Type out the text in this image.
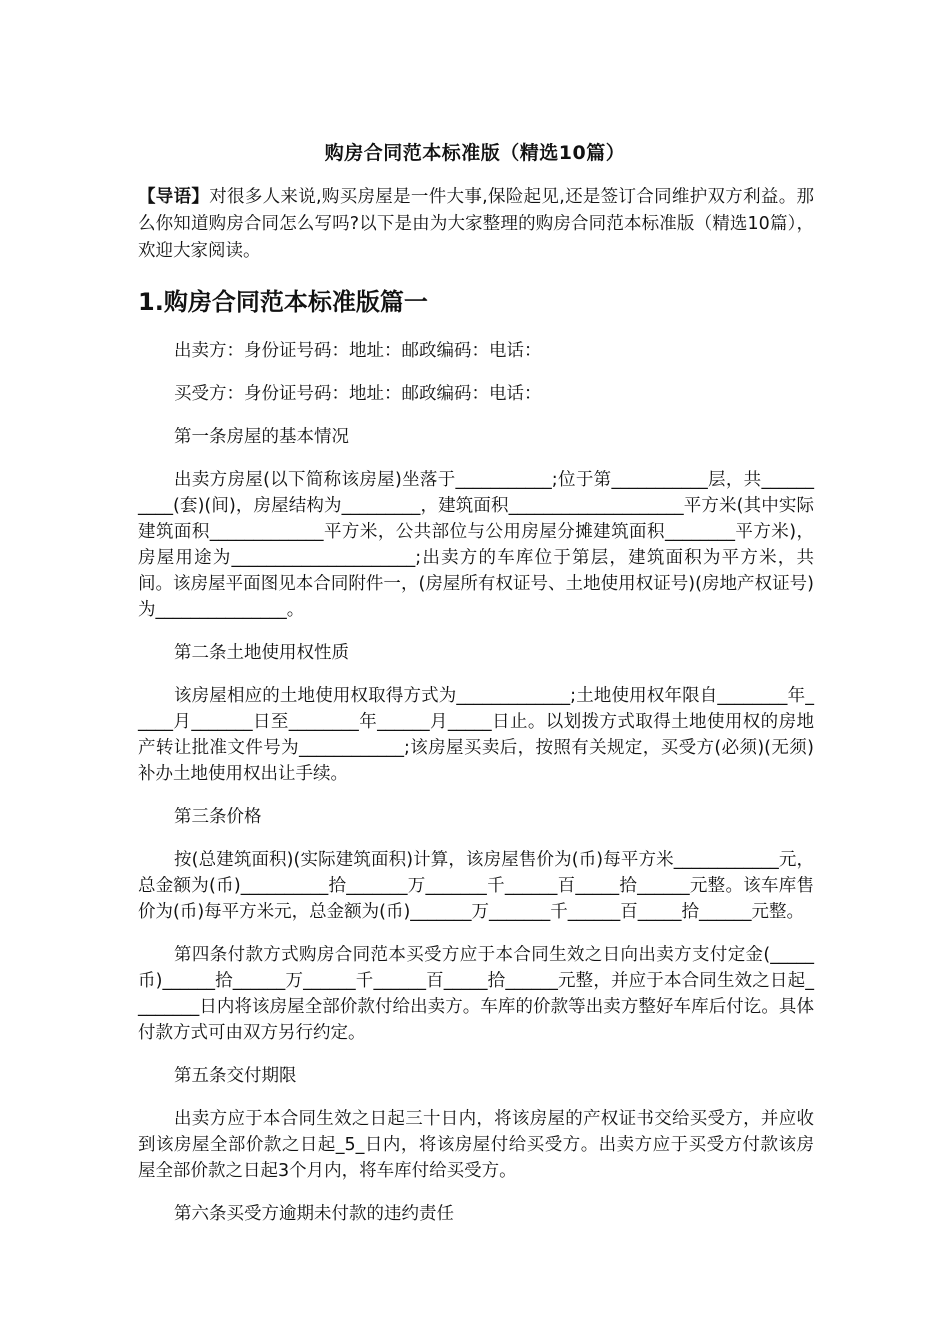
购房合同范本标准版（精选10篇）
【导语】对很多人来说,购买房屋是一件大事,保险起见,还是签订合同维护双方利益。那么你知道购房合同怎么写吗?以下是由为大家整理的购房合同范本标准版（精选10篇），欢迎大家阅读。
1.购房合同范本标准版篇一

出卖方：身份证号码：地址：邮政编码：电话：

买受方：身份证号码：地址：邮政编码：电话：

第一条房屋的基本情况

出卖方房屋(以下简称该房屋)坐落于___________;位于第___________层，共__________(套)(间)，房屋结构为_________，建筑面积____________________平方米(其中实际建筑面积_____________平方米，公共部位与公用房屋分摊建筑面积________平方米)，房屋用途为_____________________;出卖方的车库位于第层，建筑面积为平方米，共间。该房屋平面图见本合同附件一，(房屋所有权证号、土地使用权证号)(房地产权证号)为_______________。

第二条土地使用权性质

该房屋相应的土地使用权取得方式为_____________;土地使用权年限自________年_____月_______日至________年______月_____日止。以划拨方式取得土地使用权的房地产转让批准文件号为____________;该房屋买卖后，按照有关规定，买受方(必须)(无须)补办土地使用权出让手续。

第三条价格

按(总建筑面积)(实际建筑面积)计算，该房屋售价为(币)每平方米____________元，总金额为(币)__________拾_______万_______千______百_____拾______元整。该车库售价为(币)每平方米元，总金额为(币)_______万_______千______百_____拾______元整。

第四条付款方式购房合同范本买受方应于本合同生效之日向出卖方支付定金(_____币)______拾______万______千______百_____拾______元整，并应于本合同生效之日起________日内将该房屋全部价款付给出卖方。车库的价款等出卖方整好车库后付讫。具体付款方式可由双方另行约定。

第五条交付期限

出卖方应于本合同生效之日起三十日内，将该房屋的产权证书交给买受方，并应收到该房屋全部价款之日起_5_日内，将该房屋付给买受方。出卖方应于买受方付款该房屋全部价款之日起3个月内，将车库付给买受方。

第六条买受方逾期未付款的违约责任
